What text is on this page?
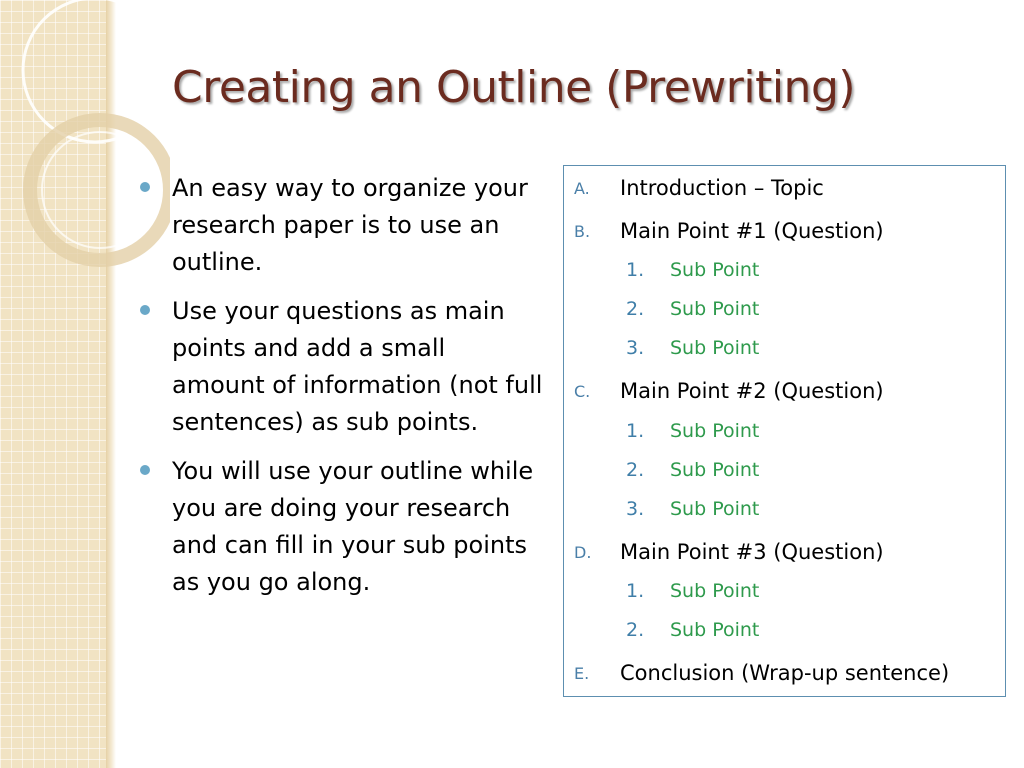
Creating an Outline (Prewriting)
An easy way to organize your research paper is to use an outline.
Use your questions as main points and add a small amount of information (not full sentences) as sub points.
You will use your outline while you are doing your research and can fill in your sub points as you go along.
A. Introduction – Topic
B. Main Point #1 (Question)
1. Sub Point
2. Sub Point
3. Sub Point
C. Main Point #2 (Question)
1. Sub Point
2. Sub Point
3. Sub Point
D. Main Point #3 (Question)
1. Sub Point
2. Sub Point
E. Conclusion (Wrap-up sentence)
